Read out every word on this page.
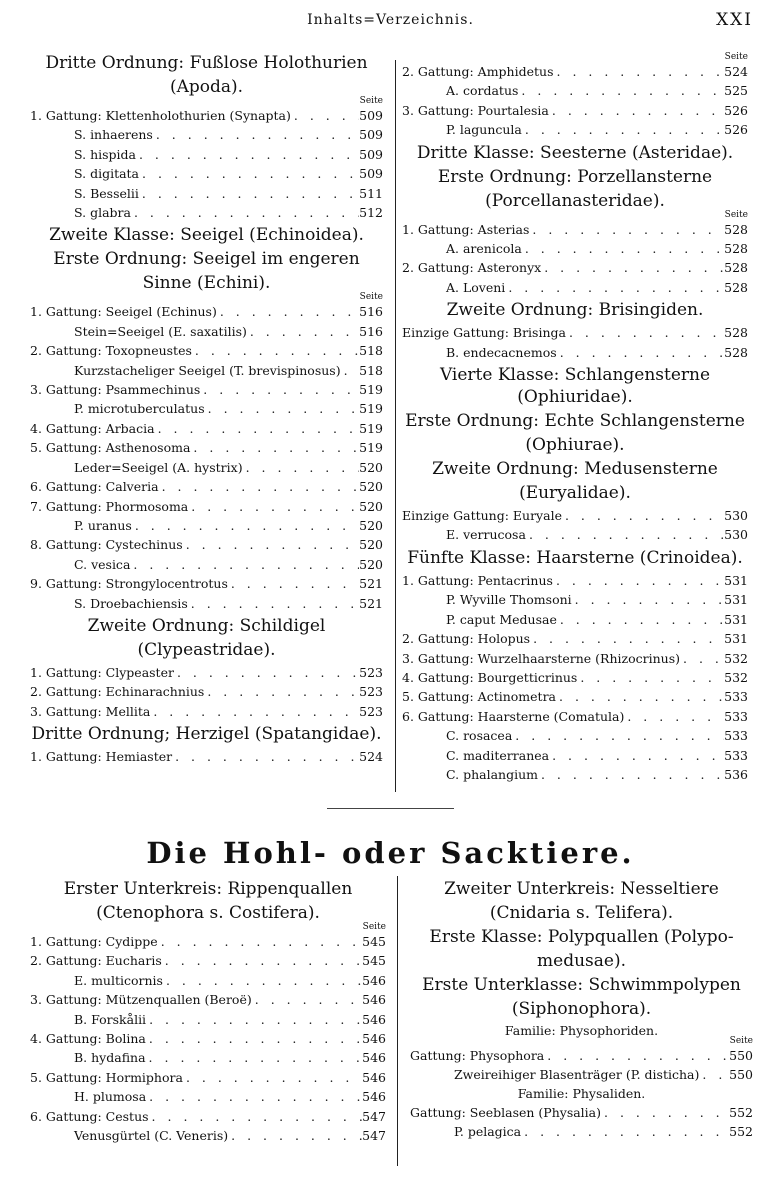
Inhalts=Verzeichnis.	XXI
Dritte Ordnung: Fußlose Holothurien
(Apoda).
Seite
1. Gattung: Klettenholothurien (Synapta) . . .	509
S. inhaerens . . .	509
S. hispida . . .	509
S. digitata . . .	509
S. Besselii . . .	511
S. glabra . . .	512
Zweite Klasse: Seeigel (Echinoidea).
Erste Ordnung: Seeigel im engeren
Sinne (Echini).
Seite
1. Gattung: Seeigel (Echinus) . . .	516
Stein=Seeigel (E. saxatilis) . . .	516
2. Gattung: Toxopneustes . . .	518
Kurzstacheliger Seeigel (T. brevispinosus) . . . 518
3. Gattung: Psammechinus . . .	519
P. microtuberculatus . . .	519
4. Gattung: Arbacia . . .	519
5. Gattung: Asthenosoma . . .	519
Leder=Seeigel (A. hystrix) . . .	520
6. Gattung: Calveria . . .	520
7. Gattung: Phormosoma . . .	520
P. uranus . . .	520
8. Gattung: Cystechinus . . .	520
C. vesica . . .	520
9. Gattung: Strongylocentrotus . . .	521
S. Droebachiensis . . .	521
Zweite Ordnung: Schildigel
(Clypeastridae).
1. Gattung: Clypeaster . . .	523
2. Gattung: Echinarachnius . . .	523
3. Gattung: Mellita . . .	523
Dritte Ordnung; Herzigel (Spatangidae).
1. Gattung: Hemiaster . . .	524
Seite
2. Gattung: Amphidetus . . .	524
A. cordatus . . .	525
3. Gattung: Pourtalesia . . .	526
P. laguncula . . .	526
Dritte Klasse: Seesterne (Asteridae).
Erste Ordnung: Porzellansterne
(Porcellanasteridae).
Seite
1. Gattung: Asterias . . .	528
A. arenicola . . .	528
2. Gattung: Asteronyx . . .	528
A. Loveni . . .	528
Zweite Ordnung: Brisingiden.
Einzige Gattung: Brisinga . . .	528
B. endecacnemos . . .	528
Vierte Klasse: Schlangensterne (Ophiuridae).
Erste Ordnung: Echte Schlangensterne
(Ophiurae).
Zweite Ordnung: Medusensterne
(Euryalidae).
Einzige Gattung: Euryale . . .	530
E. verrucosa . . .	530
Fünfte Klasse: Haarsterne (Crinoidea).
1. Gattung: Pentacrinus . . .	531
P. Wyville Thomsoni . . .	531
P. caput Medusae . . .	531
2. Gattung: Holopus . . .	531
3. Gattung: Wurzelhaarsterne (Rhizocrinus) . . .	532
4. Gattung: Bourgetticrinus . . .	532
5. Gattung: Actinometra . . .	533
6. Gattung: Haarsterne (Comatula) . . .	533
C. rosacea . . .	533
C. maditerranea . . .	533
C. phalangium . . .	536
Die Hohl- oder Sacktiere.
Erster Unterkreis: Rippenquallen
(Ctenophora s. Costifera).
Seite
1. Gattung: Cydippe . . .	545
2. Gattung: Eucharis . . .	545
E. multicornis . . .	546
3. Gattung: Mützenquallen (Beroë) . . .	546
B. Forskålii . . .	546
4. Gattung: Bolina . . .	546
B. hydafina . . .	546
5. Gattung: Hormiphora . . .	546
H. plumosa . . .	546
6. Gattung: Cestus . . .	547
Venusgürtel (C. Veneris) . . .	547
Zweiter Unterkreis: Nesseltiere
(Cnidaria s. Telifera).
Erste Klasse: Polypquallen (Polypo-
medusae).
Erste Unterklasse: Schwimmpolypen
(Siphonophora).
Familie: Physophoriden.
Seite
Gattung: Physophora . . .	550
Zweireihiger Blasenträger (P. disticha) . . . 550
Familie: Physaliden.
Gattung: Seeblasen (Physalia) . . .	552
P. pelagica . . .	552
